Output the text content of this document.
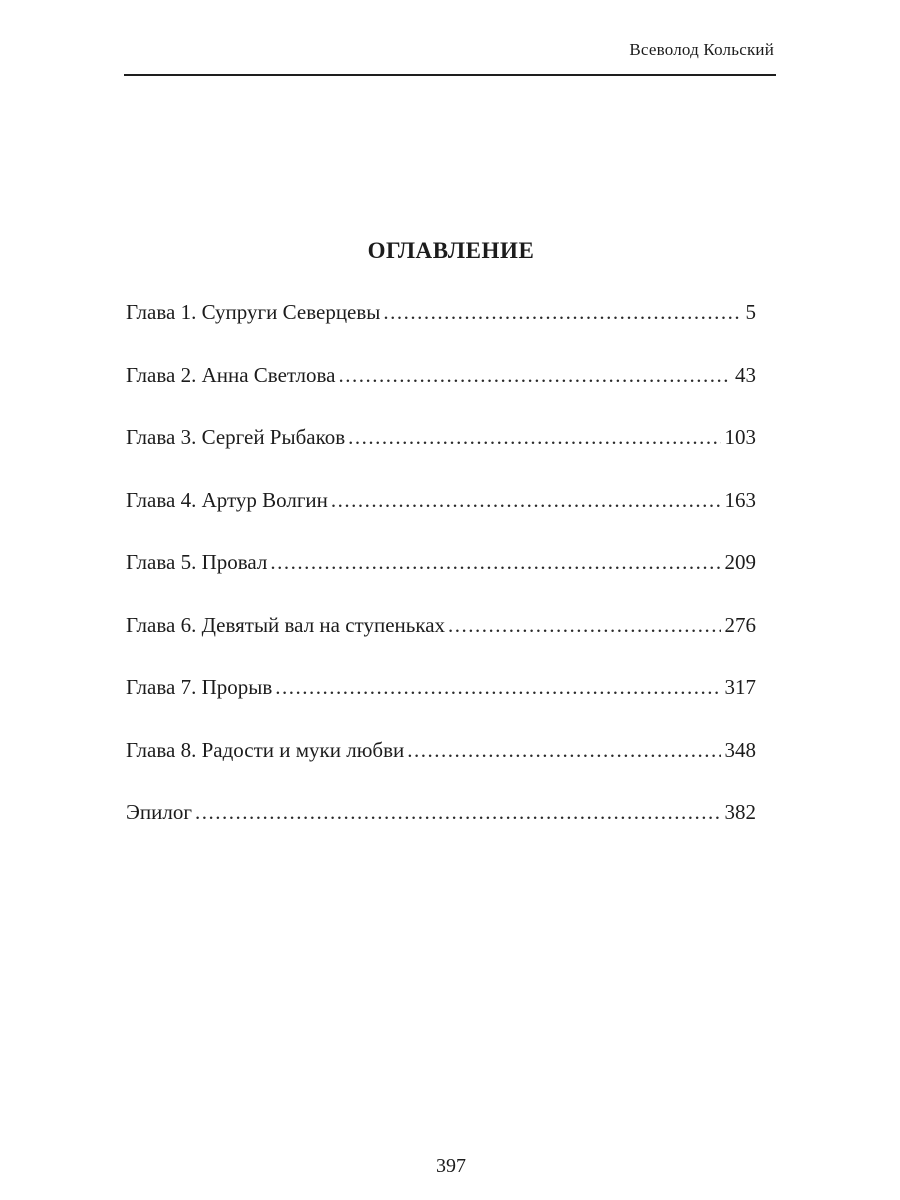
Всеволод Кольский
ОГЛАВЛЕНИЕ
Глава 1. Супруги Северцевы .....	5
Глава 2. Анна Светлова .....	43
Глава 3. Сергей Рыбаков .....	103
Глава 4. Артур Волгин .....	163
Глава 5. Провал .....	209
Глава 6. Девятый вал на ступеньках .....	276
Глава 7. Прорыв .....	317
Глава 8. Радости и муки любви .....	348
Эпилог .....	382
397
